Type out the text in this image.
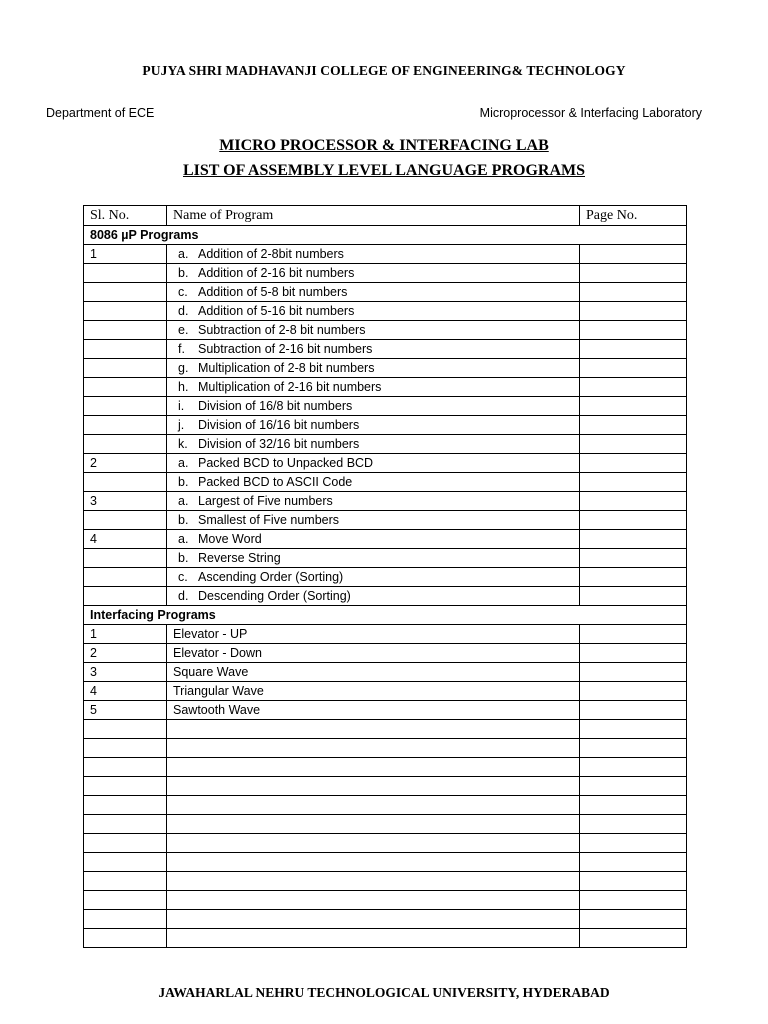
PUJYA SHRI MADHAVANJI COLLEGE OF ENGINEERING& TECHNOLOGY
Department of ECE	Microprocessor & Interfacing Laboratory
MICRO PROCESSOR & INTERFACING LAB
LIST OF ASSEMBLY LEVEL LANGUAGE PROGRAMS
Sl. No.	Name of Program	Page No.
8086 µP Programs		
1	a. Addition of 2-8bit numbers	
	b. Addition of 2-16 bit numbers	
	c. Addition of 5-8 bit numbers	
	d. Addition of 5-16 bit numbers	
	e. Subtraction of 2-8 bit numbers	
	f. Subtraction of 2-16 bit numbers	
	g. Multiplication of 2-8 bit numbers	
	h. Multiplication of 2-16 bit numbers	
	i. Division of 16/8 bit numbers	
	j. Division of 16/16 bit numbers	
	k. Division of 32/16 bit numbers	
2	a. Packed BCD to Unpacked BCD	
	b. Packed BCD to ASCII Code	
3	a. Largest of Five numbers	
	b. Smallest of Five numbers	
4	a. Move Word	
	b. Reverse String	
	c. Ascending Order (Sorting)	
	d. Descending Order (Sorting)	
Interfacing Programs		
1	Elevator - UP	
2	Elevator - Down	
3	Square Wave	
4	Triangular Wave	
5	Sawtooth Wave	

JAWAHARLAL NEHRU TECHNOLOGICAL UNIVERSITY, HYDERABAD
